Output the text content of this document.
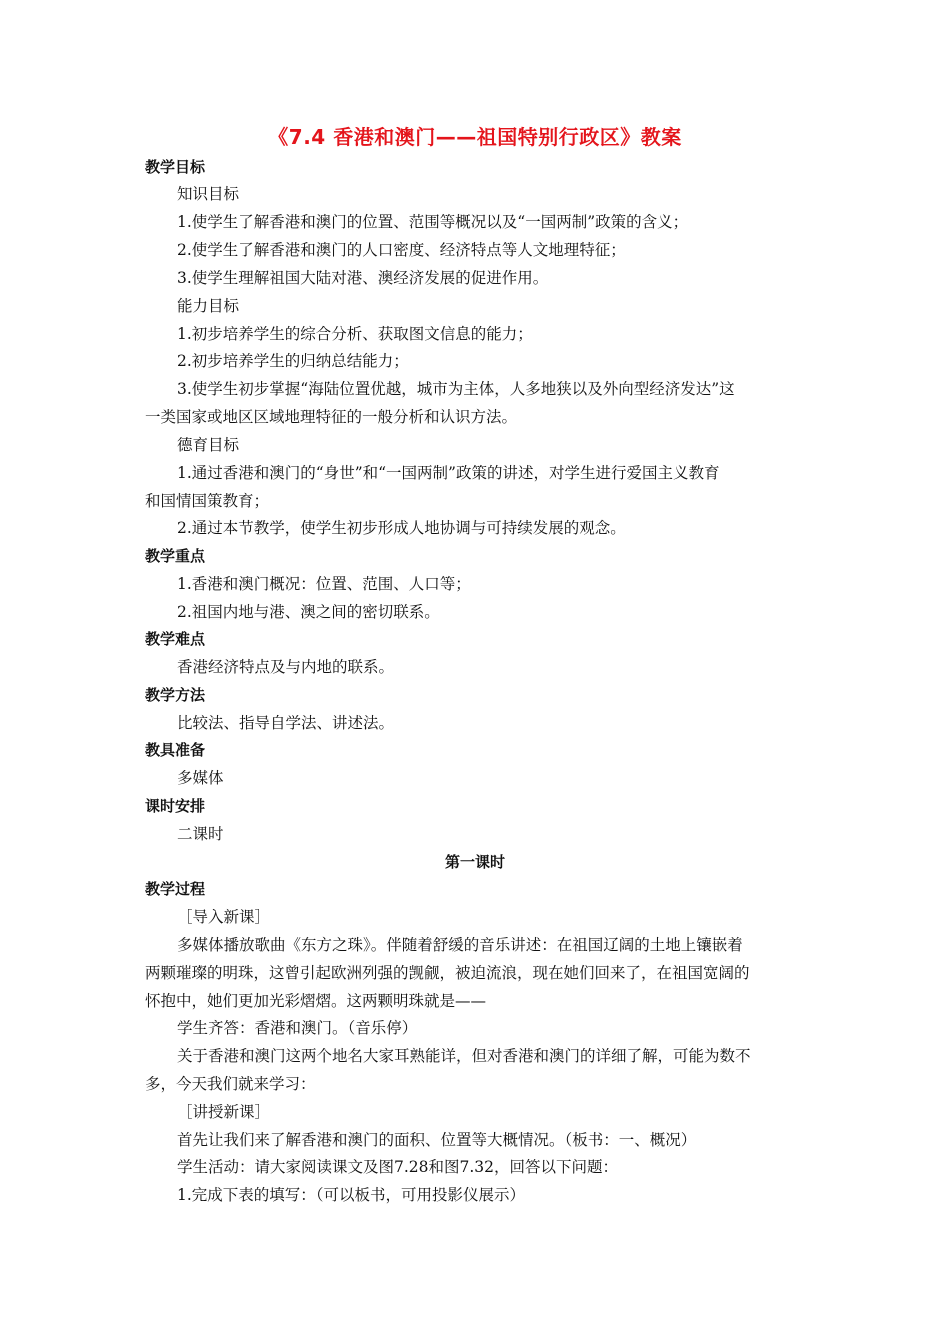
《7.4 香港和澳门——祖国特别行政区》教案
教学目标
知识目标
1.使学生了解香港和澳门的位置、范围等概况以及“一国两制”政策的含义；
2.使学生了解香港和澳门的人口密度、经济特点等人文地理特征；
3.使学生理解祖国大陆对港、澳经济发展的促进作用。
能力目标
1.初步培养学生的综合分析、获取图文信息的能力；
2.初步培养学生的归纳总结能力；
3.使学生初步掌握“海陆位置优越，城市为主体，人多地狭以及外向型经济发达”这
一类国家或地区区域地理特征的一般分析和认识方法。
德育目标
1.通过香港和澳门的“身世”和“一国两制”政策的讲述，对学生进行爱国主义教育
和国情国策教育；
2.通过本节教学，使学生初步形成人地协调与可持续发展的观念。
教学重点
1.香港和澳门概况：位置、范围、人口等；
2.祖国内地与港、澳之间的密切联系。
教学难点
香港经济特点及与内地的联系。
教学方法
比较法、指导自学法、讲述法。
教具准备
多媒体
课时安排
二课时
第一课时
教学过程
［导入新课］
多媒体播放歌曲《东方之珠》。伴随着舒缓的音乐讲述：在祖国辽阔的土地上镶嵌着
两颗璀璨的明珠，这曾引起欧洲列强的觊觎，被迫流浪，现在她们回来了，在祖国宽阔的
怀抱中，她们更加光彩熠熠。这两颗明珠就是——
学生齐答：香港和澳门。（音乐停）
关于香港和澳门这两个地名大家耳熟能详，但对香港和澳门的详细了解，可能为数不
多，今天我们就来学习：
［讲授新课］
首先让我们来了解香港和澳门的面积、位置等大概情况。（板书：一、概况）
学生活动：请大家阅读课文及图7.28和图7.32，回答以下问题：
1.完成下表的填写：（可以板书，可用投影仪展示）
